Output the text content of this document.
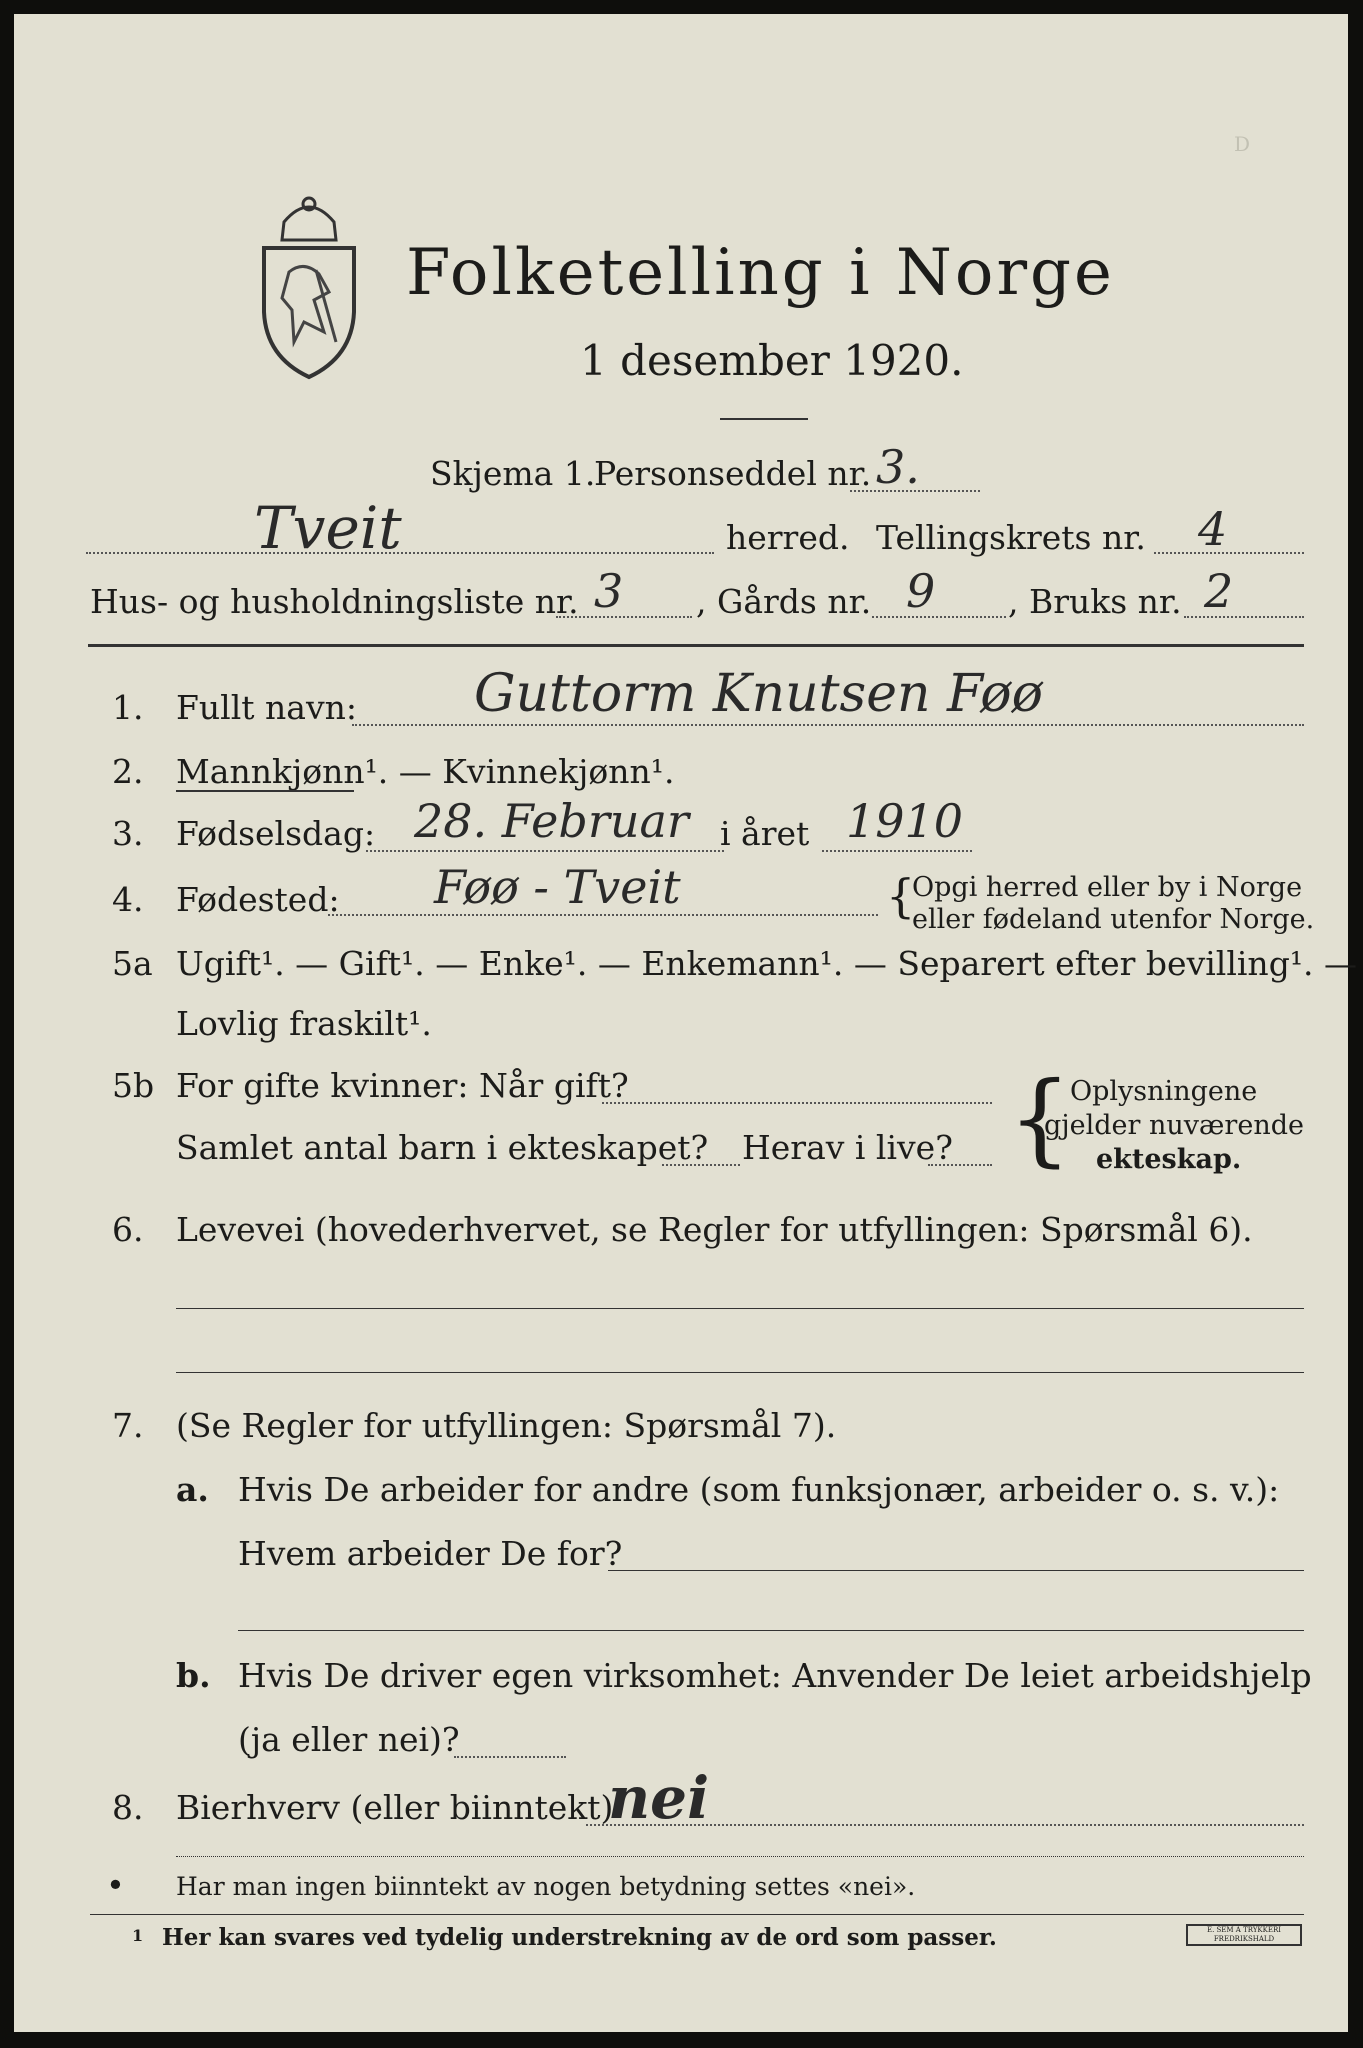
D
Folketelling i Norge
1 desember 1920.
Skjema 1.
Personseddel nr. 3.
Tveit	herred. Tellingskrets nr. 4
Hus- og husholdningsliste nr. 3 , Gårds nr. 9 , Bruks nr. 2
1. Fullt navn: Guttorm Knutsen Føø
2. Mannkjønn¹. — Kvinnekjønn¹.
3. Fødselsdag: 28. Februar i året 1910
4. Fødested: Føø - Tveit	{
Opgi herred eller by i Norge
eller fødeland utenfor Norge.
5a Ugift¹. — Gift¹. — Enke¹. — Enkemann¹. — Separert efter bevilling¹. —
Lovlig fraskilt¹.
5b For gifte kvinner: Når gift?
Samlet antal barn i ekteskapet? Herav i live? {
Oplysningene
gjelder nuværende
ekteskap.
6. Levevei (hovederhvervet, se Regler for utfyllingen: Spørsmål 6).
7. (Se Regler for utfyllingen: Spørsmål 7).
a. Hvis De arbeider for andre (som funksjonær, arbeider o. s. v.):
Hvem arbeider De for?
b. Hvis De driver egen virksomhet: Anvender De leiet arbeidshjelp
(ja eller nei)?
8. Bierhverv (eller biinntekt)
nei
• Har man ingen biinntekt av nogen betydning settes «nei».
1 Her kan svares ved tydelig understrekning av de ord som passer.	E. SEM A TRYKKERI FREDRIKSHALD
